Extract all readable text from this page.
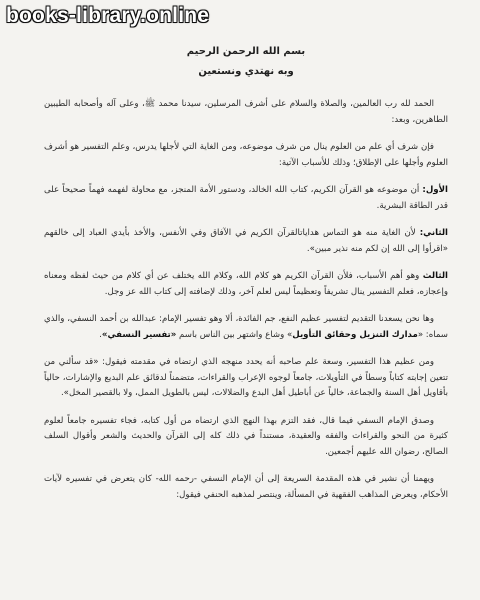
books-library.online
بسم الله الرحمن الرحيم
وبه نهتدي ونستعين

الحمد لله رب العالمين، والصلاة والسلام على أشرف المرسلين، سيدنا محمد ﷺ، وعلى آله وأصحابه الطيبين الطاهرين، وبعد:

فإن شرف أي علم من العلوم ينال من شرف موضوعه، ومن الغاية التي لأجلها يدرس، وعلم التفسير هو أشرف العلوم وأجلها على الإطلاق؛ وذلك للأسباب الآتية:

الأول: أن موضوعه هو القرآن الكريم، كتاب الله الخالد، ودستور الأمة المنجز، مع محاولة لفهمه فهماً صحيحاً على قدر الطاقة البشرية.

الثاني: لأن الغاية منه هو التماس هداياتالقرآن الكريم في الآفاق وفي الأنفس، والأخذ بأيدي العباد إلى خالقهم «اقرأوا إلى الله إن لكم منه نذير مبين».

الثالث وهو أهم الأسباب، فلأن القرآن الكريم هو كلام الله، وكلام الله يختلف عن أي كلام من حيث لفظه ومعناه وإعجازه، فعلم التفسير ينال تشريفاً وتعظيماً ليس لعلم آخر، وذلك لإضافته إلى كتاب الله عز وجل.

وها نحن يسعدنا التقديم لتفسير عظيم النفع، جم الفائدة، ألا وهو تفسير الإمام: عبدالله بن أحمد النسفي، والذي سماه: «مدارك التنزيل وحقائق التأويل» وشاع واشتهر بين الناس باسم «تفسير النسفي».

ومن عظيم هذا التفسير، وسعة علم صاحبه أنه يحدد منهجه الذي ارتضاه في مقدمته فيقول: «قد سألني من تتعين إجابته كتاباً وسطاً في التأويلات، جامعاً لوجوه الإعراب والقراءات، متضمناً لدقائق علم البديع والإشارات، حالياً بأقاويل أهل السنة والجماعة، خالياً عن أباطيل أهل البدع والضلالات، ليس بالطويل الممل، ولا بالقصير المخل».

وصدق الإمام النسفي فيما قال، فقد التزم بهذا النهج الذي ارتضاه من أول كتابه، فجاء تفسيره جامعاً لعلوم كثيرة من النحو والقراءات والفقه والعقيدة، مستنداً في ذلك كله إلى القرآن والحديث والشعر وأقوال السلف الصالح، رضوان الله عليهم أجمعين.

ويهمنا أن نشير في هذه المقدمة السريعة إلى أن الإمام النسفي -رحمه الله- كان يتعرض في تفسيره لآيات الأحكام، ويعرض المذاهب الفقهية في المسألة، وينتصر لمذهبه الحنفي فيقول:
